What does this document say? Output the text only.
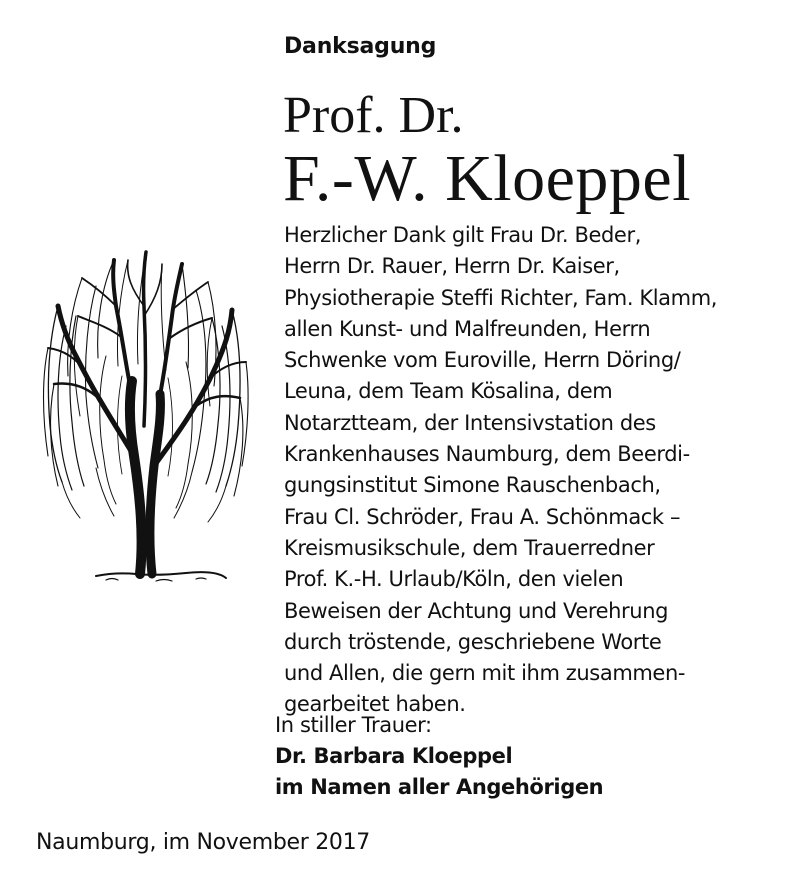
Danksagung
Prof. Dr.
F.-W. Kloeppel
Herzlicher Dank gilt Frau Dr. Beder,
Herrn Dr. Rauer, Herrn Dr. Kaiser,
Physiotherapie Steffi Richter, Fam. Klamm,
allen Kunst- und Malfreunden, Herrn
Schwenke vom Euroville, Herrn Döring/
Leuna, dem Team Kösalina, dem
Notarztteam, der Intensivstation des
Krankenhauses Naumburg, dem Beerdi-
gungsinstitut Simone Rauschenbach,
Frau Cl. Schröder, Frau A. Schönmack –
Kreismusikschule, dem Trauerredner
Prof. K.-H. Urlaub/Köln, den vielen
Beweisen der Achtung und Verehrung
durch tröstende, geschriebene Worte
und Allen, die gern mit ihm zusammen-
gearbeitet haben.
In stiller Trauer:
Dr. Barbara Kloeppel
im Namen aller Angehörigen
Naumburg, im November 2017
